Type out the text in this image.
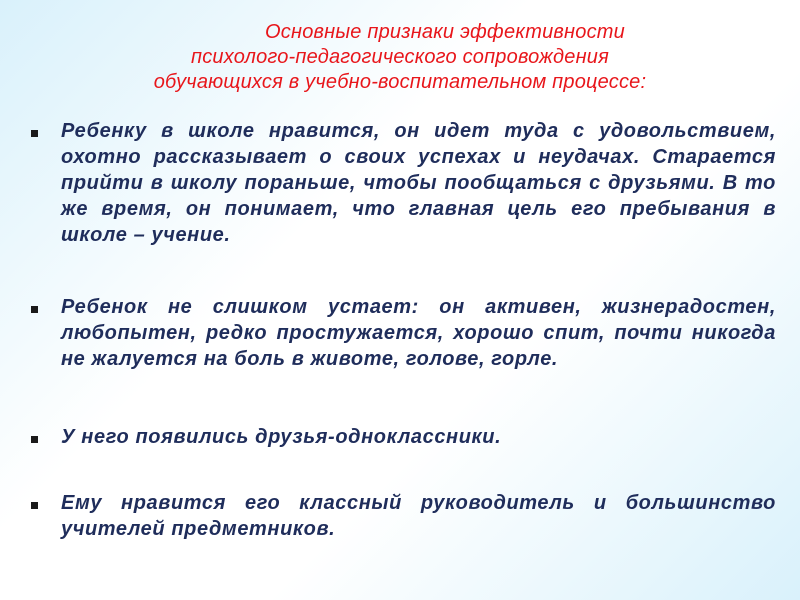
Основные признаки эффективности
психолого-педагогического сопровождения
обучающихся в учебно-воспитательном процессе:
Ребенку в школе нравится, он идет туда с удовольствием, охотно рассказывает о своих успехах и неудачах. Старается прийти в школу пораньше, чтобы пообщаться с друзьями. В то же время, он понимает, что главная цель его пребывания в школе – учение.
Ребенок не слишком устает: он активен, жизнерадостен, любопытен, редко простужается, хорошо спит, почти никогда не жалуется на боль в животе, голове, горле.
У него появились друзья-одноклассники.
Ему нравится его классный руководитель и большинство учителей предметников.
